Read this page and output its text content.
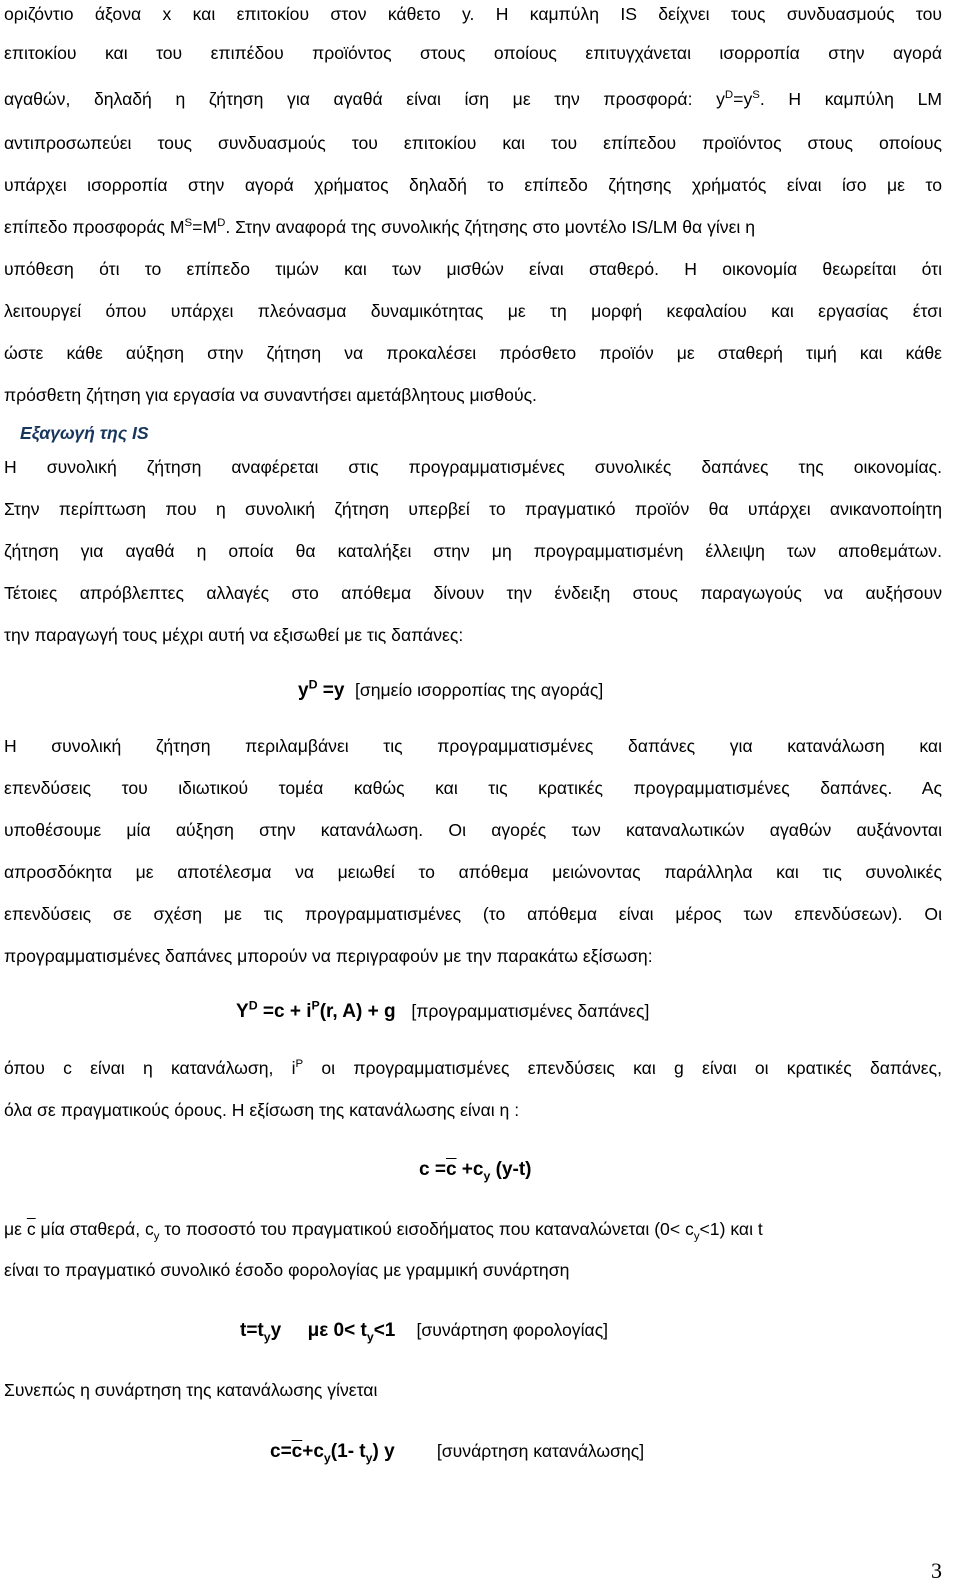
οριζόντιο άξονα x και επιτοκίου στον κάθετο y. Η καμπύλη IS δείχνει τους συνδυασμούς του
επιτοκίου και του επιπέδου προϊόντος στους οποίους επιτυγχάνεται ισορροπία στην αγορά
αγαθών, δηλαδή η ζήτηση για αγαθά είναι ίση με την προσφορά: $y^D=y^S$. Η καμπύλη LM
αντιπροσωπεύει τους συνδυασμούς του επιτοκίου και του επίπεδου προϊόντος στους οποίους
υπάρχει ισορροπία στην αγορά χρήματος δηλαδή το επίπεδο ζήτησης χρήματός είναι ίσο με το
επίπεδο προσφοράς $M^S=M^D$. Στην αναφορά της συνολικής ζήτησης στο μοντέλο IS/LM θα γίνει η
υπόθεση ότι το επίπεδο τιμών και των μισθών είναι σταθερό. Η οικονομία θεωρείται ότι
λειτουργεί όπου υπάρχει πλεόνασμα δυναμικότητας με τη μορφή κεφαλαίου και εργασίας έτσι
ώστε κάθε αύξηση στην ζήτηση να προκαλέσει πρόσθετο προϊόν με σταθερή τιμή και κάθε
πρόσθετη ζήτηση για εργασία να συναντήσει αμετάβλητους μισθούς.
Εξαγωγή της IS
Η συνολική ζήτηση αναφέρεται στις προγραμματισμένες συνολικές δαπάνες της οικονομίας.
Στην περίπτωση που η συνολική ζήτηση υπερβεί το πραγματικό προϊόν θα υπάρχει ανικανοποίητη
ζήτηση για αγαθά η οποία θα καταλήξει στην μη προγραμματισμένη έλλειψη των αποθεμάτων.
Τέτοιες απρόβλεπτες αλλαγές στο απόθεμα δίνουν την ένδειξη στους παραγωγούς να αυξήσουν
την παραγωγή τους μέχρι αυτή να εξισωθεί με τις δαπάνες:
$y^D =y$ [σημείο ισορροπίας της αγοράς]
Η συνολική ζήτηση περιλαμβάνει τις προγραμματισμένες δαπάνες για κατανάλωση και
επενδύσεις του ιδιωτικού τομέα καθώς και τις κρατικές προγραμματισμένες δαπάνες. Ας
υποθέσουμε μία αύξηση στην κατανάλωση. Οι αγορές των καταναλωτικών αγαθών αυξάνονται
απροσδόκητα με αποτέλεσμα να μειωθεί το απόθεμα μειώνοντας παράλληλα και τις συνολικές
επενδύσεις σε σχέση με τις προγραμματισμένες (το απόθεμα είναι μέρος των επενδύσεων). Οι
προγραμματισμένες δαπάνες μπορούν να περιγραφούν με την παρακάτω εξίσωση:
$Y^D =c + i^P(r$, A) + g [προγραμματισμένες δαπάνες]
όπου c είναι η κατανάλωση, $i^P$ οι προγραμματισμένες επενδύσεις και g είναι οι κρατικές δαπάνες,
όλα σε πραγματικούς όρους. Η εξίσωση της κατανάλωσης είναι η :
$c =\overline{c} +c_y$ (y-t)
με $\overline{c}$ μία σταθερά, $c_y$ το ποσοστό του πραγματικού εισοδήματος που καταναλώνεται $(0< c_y<1)$ και t
είναι το πραγματικό συνολικό έσοδο φορολογίας με γραμμική συνάρτηση
$t=t_yy$ με $0< t_y<1$ [συνάρτηση φορολογίας]
Συνεπώς η συνάρτηση της κατανάλωσης γίνεται
$c=\overline{c}+c_y(1-$ $t_y$) y [συνάρτηση κατανάλωσης]
3
